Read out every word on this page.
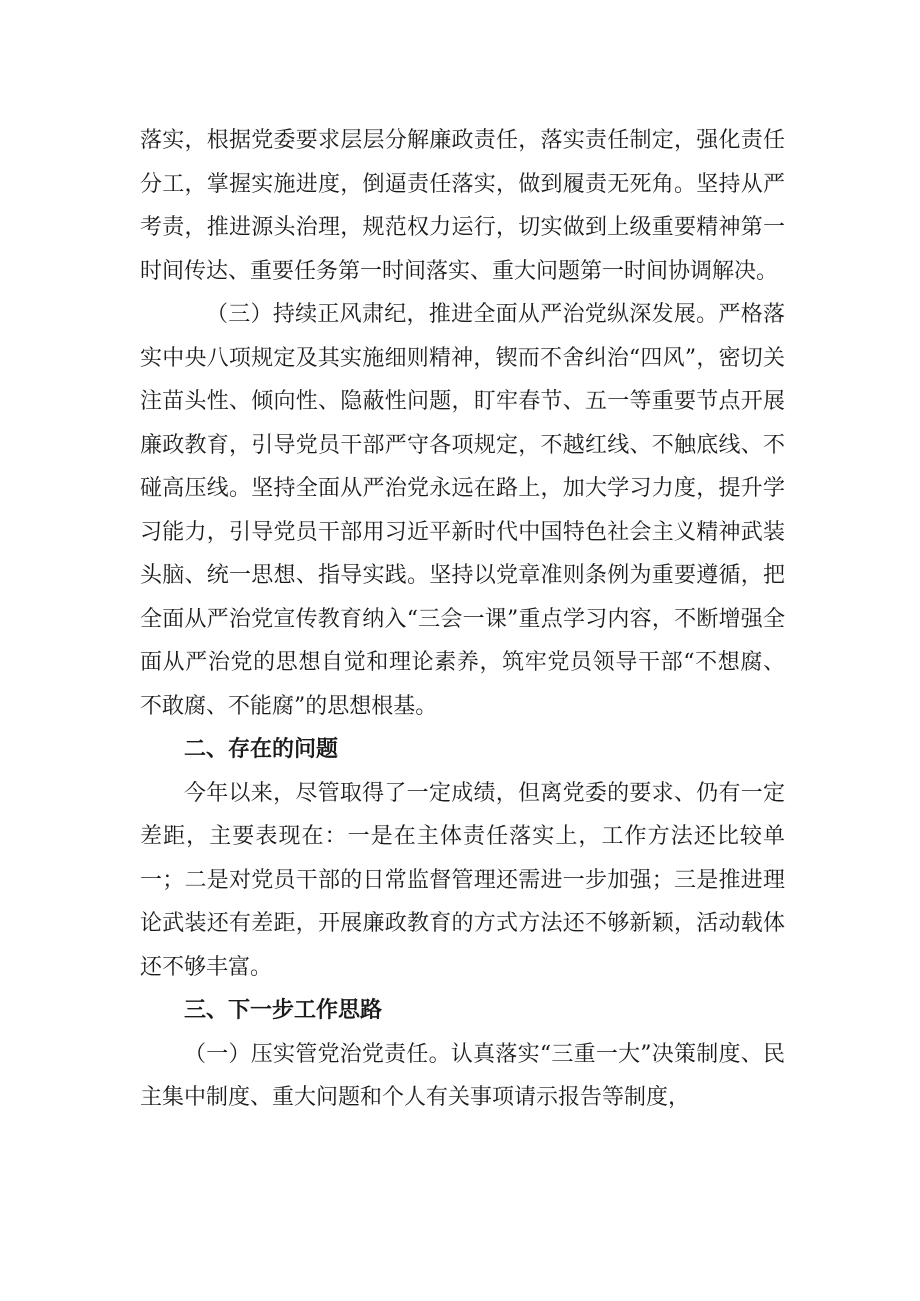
落实，根据党委要求层层分解廉政责任，落实责任制定，强化责任分工，掌握实施进度，倒逼责任落实，做到履责无死角。坚持从严考责，推进源头治理，规范权力运行，切实做到上级重要精神第一时间传达、重要任务第一时间落实、重大问题第一时间协调解决。

（三）持续正风肃纪，推进全面从严治党纵深发展。严格落实中央八项规定及其实施细则精神，锲而不舍纠治“四风”，密切关注苗头性、倾向性、隐蔽性问题，盯牢春节、五一等重要节点开展廉政教育，引导党员干部严守各项规定，不越红线、不触底线、不碰高压线。坚持全面从严治党永远在路上，加大学习力度，提升学习能力，引导党员干部用习近平新时代中国特色社会主义精神武装头脑、统一思想、指导实践。坚持以党章准则条例为重要遵循，把全面从严治党宣传教育纳入“三会一课”重点学习内容，不断增强全面从严治党的思想自觉和理论素养，筑牢党员领导干部“不想腐、不敢腐、不能腐”的思想根基。

二、存在的问题

今年以来，尽管取得了一定成绩，但离党委的要求、仍有一定差距，主要表现在：一是在主体责任落实上，工作方法还比较单一；二是对党员干部的日常监督管理还需进一步加强；三是推进理论武装还有差距，开展廉政教育的方式方法还不够新颖，活动载体还不够丰富。

三、下一步工作思路

（一）压实管党治党责任。认真落实“三重一大”决策制度、民主集中制度、重大问题和个人有关事项请示报告等制度，
